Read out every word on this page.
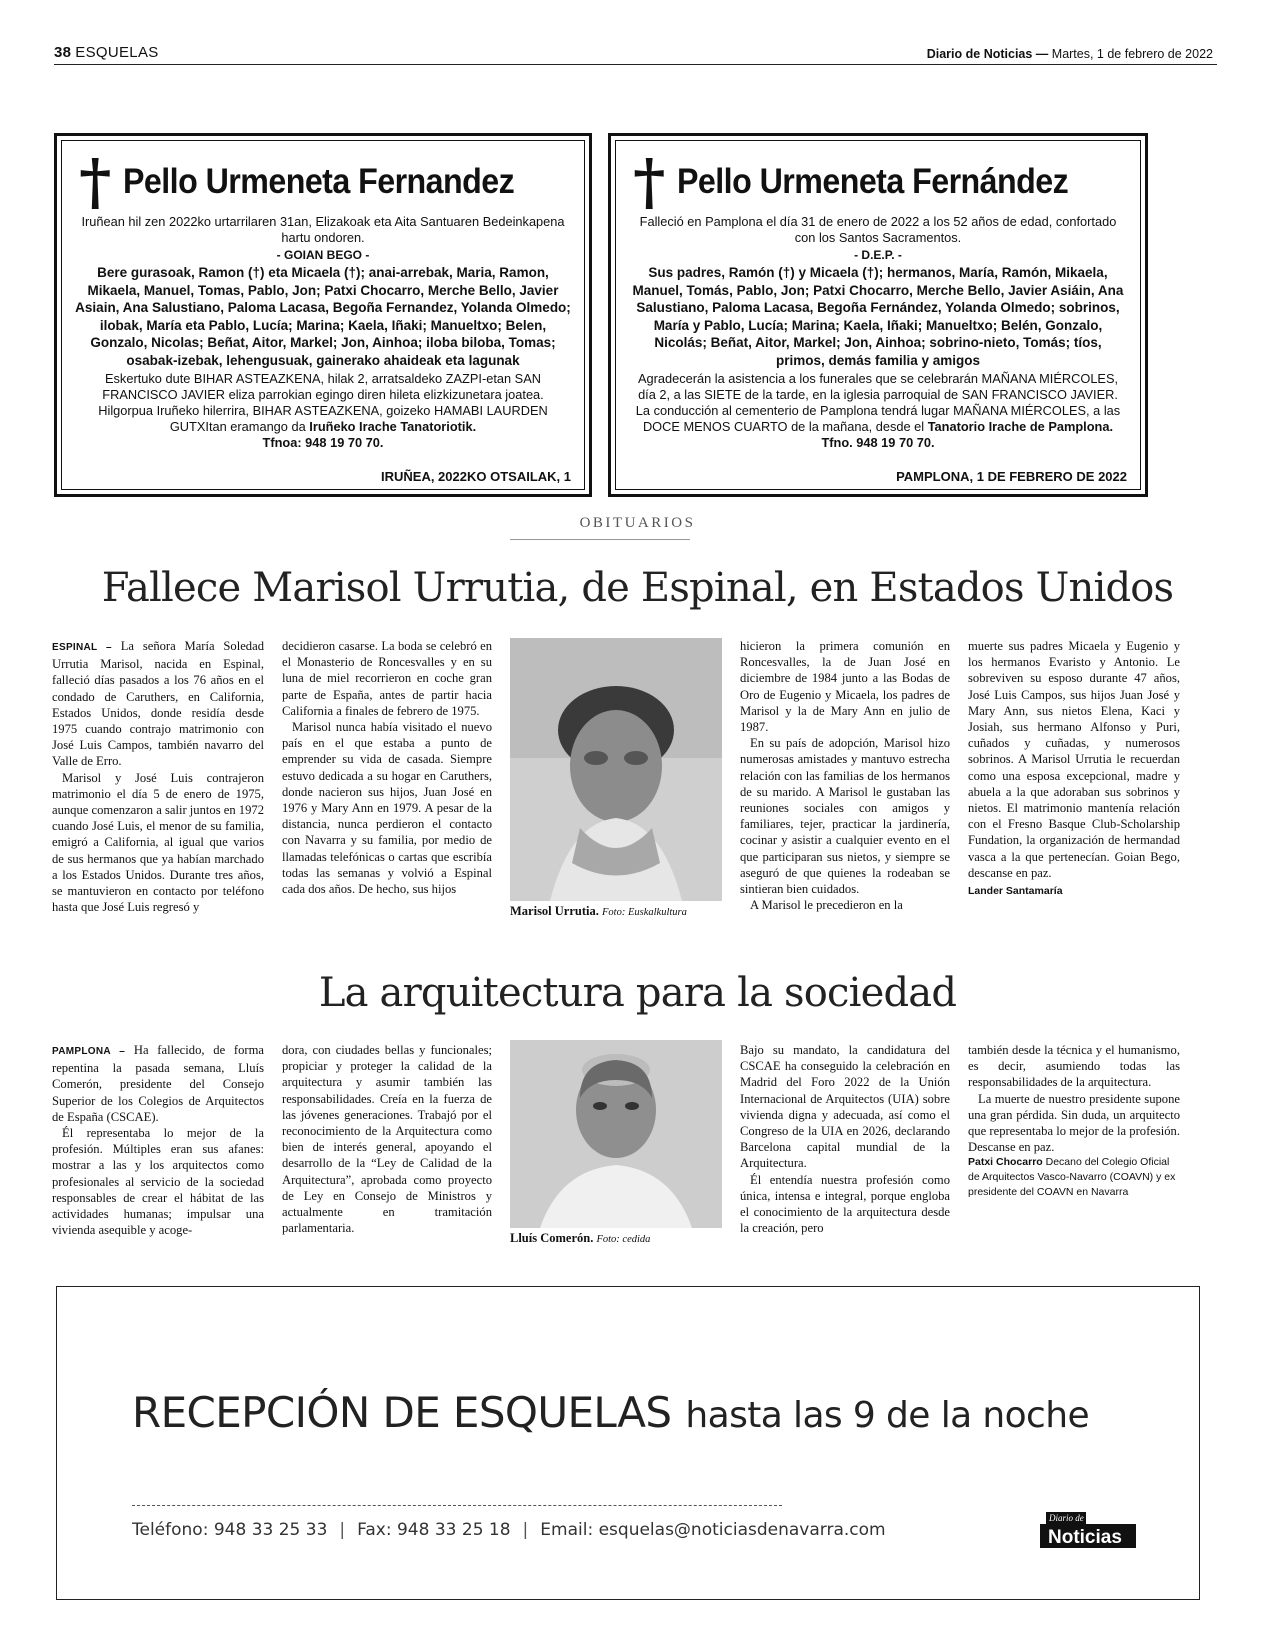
38 ESQUELAS	Diario de Noticias — Martes, 1 de febrero de 2022
† Pello Urmeneta Fernandez

Iruñean hil zen 2022ko urtarrilaren 31an, Elizakoak eta Aita Santuaren Bedeinkapena hartu ondoren.

- GOIAN BEGO -

Bere gurasoak, Ramon (†) eta Micaela (†); anai-arrebak, Maria, Ramon, Mikaela, Manuel, Tomas, Pablo, Jon; Patxi Chocarro, Merche Bello, Javier Asiain, Ana Salustiano, Paloma Lacasa, Begoña Fernandez, Yolanda Olmedo; ilobak, María eta Pablo, Lucía; Marina; Kaela, Iñaki; Manueltxo; Belen, Gonzalo, Nicolas; Beñat, Aitor, Markel; Jon, Ainhoa; iloba biloba, Tomas; osabak-izebak, lehengusuak, gainerako ahaideak eta lagunak

Eskertuko dute BIHAR ASTEAZKENA, hilak 2, arratsaldeko ZAZPI-etan SAN FRANCISCO JAVIER eliza parrokian egingo diren hileta elizkizunetara joatea.

Hilgorpua Iruñeko hilerrira, BIHAR ASTEAZKENA, goizeko HAMABI LAURDEN GUTXItan eramango da Iruñeko Irache Tanatoriotik.

Tfnoa: 948 19 70 70.

IRUÑEA, 2022KO OTSAILAK, 1
† Pello Urmeneta Fernández

Falleció en Pamplona el día 31 de enero de 2022 a los 52 años de edad, confortado con los Santos Sacramentos.

- D.E.P. -

Sus padres, Ramón (†) y Micaela (†); hermanos, María, Ramón, Mikaela, Manuel, Tomás, Pablo, Jon; Patxi Chocarro, Merche Bello, Javier Asiáin, Ana Salustiano, Paloma Lacasa, Begoña Fernández, Yolanda Olmedo; sobrinos, María y Pablo, Lucía; Marina; Kaela, Iñaki; Manueltxo; Belén, Gonzalo, Nicolás; Beñat, Aitor, Markel; Jon, Ainhoa; sobrino-nieto, Tomás; tíos, primos, demás familia y amigos

Agradecerán la asistencia a los funerales que se celebrarán MAÑANA MIÉRCOLES, día 2, a las SIETE de la tarde, en la iglesia parroquial de SAN FRANCISCO JAVIER.

La conducción al cementerio de Pamplona tendrá lugar MAÑANA MIÉRCOLES, a las DOCE MENOS CUARTO de la mañana, desde el Tanatorio Irache de Pamplona.

Tfno. 948 19 70 70.

PAMPLONA, 1 DE FEBRERO DE 2022
OBITUARIOS
Fallece Marisol Urrutia, de Espinal, en Estados Unidos

ESPINAL – La señora María Soledad Urrutia Marisol, nacida en Espinal, falleció días pasados a los 76 años en el condado de Caruthers, en California, Estados Unidos, donde residía desde 1975 cuando contrajo matrimonio con José Luis Campos, también navarro del Valle de Erro.

Marisol y José Luis contrajeron matrimonio el día 5 de enero de 1975, aunque comenzaron a salir juntos en 1972 cuando José Luis, el menor de su familia, emigró a California, al igual que varios de sus hermanos que ya habían marchado a los Estados Unidos. Durante tres años, se mantuvieron en contacto por teléfono hasta que José Luis regresó y

decidieron casarse. La boda se celebró en el Monasterio de Roncesvalles y en su luna de miel recorrieron en coche gran parte de España, antes de partir hacia California a finales de febrero de 1975.

Marisol nunca había visitado el nuevo país en el que estaba a punto de emprender su vida de casada. Siempre estuvo dedicada a su hogar en Caruthers, donde nacieron sus hijos, Juan José en 1976 y Mary Ann en 1979. A pesar de la distancia, nunca perdieron el contacto con Navarra y su familia, por medio de llamadas telefónicas o cartas que escribía todas las semanas y volvió a Espinal cada dos años. De hecho, sus hijos

Marisol Urrutia. Foto: Euskalkultura

hicieron la primera comunión en Roncesvalles, la de Juan José en diciembre de 1984 junto a las Bodas de Oro de Eugenio y Micaela, los padres de Marisol y la de Mary Ann en julio de 1987.

En su país de adopción, Marisol hizo numerosas amistades y mantuvo estrecha relación con las familias de los hermanos de su marido. A Marisol le gustaban las reuniones sociales con amigos y familiares, tejer, practicar la jardinería, cocinar y asistir a cualquier evento en el que participaran sus nietos, y siempre se aseguró de que quienes la rodeaban se sintieran bien cuidados.

A Marisol le precedieron en la

muerte sus padres Micaela y Eugenio y los hermanos Evaristo y Antonio. Le sobreviven su esposo durante 47 años, José Luis Campos, sus hijos Juan José y Mary Ann, sus nietos Elena, Kaci y Josiah, sus hermano Alfonso y Puri, cuñados y cuñadas, y numerosos sobrinos. A Marisol Urrutia le recuerdan como una esposa excepcional, madre y abuela a la que adoraban sus sobrinos y nietos. El matrimonio mantenía relación con el Fresno Basque Club-Scholarship Fundation, la organización de hermandad vasca a la que pertenecían. Goian Bego, descanse en paz.

Lander Santamaría
La arquitectura para la sociedad

PAMPLONA – Ha fallecido, de forma repentina la pasada semana, Lluís Comerón, presidente del Consejo Superior de los Colegios de Arquitectos de España (CSCAE).

Él representaba lo mejor de la profesión. Múltiples eran sus afanes: mostrar a las y los arquitectos como profesionales al servicio de la sociedad responsables de crear el hábitat de las actividades humanas; impulsar una vivienda asequible y acoge-

dora, con ciudades bellas y funcionales; propiciar y proteger la calidad de la arquitectura y asumir también las responsabilidades. Creía en la fuerza de las jóvenes generaciones. Trabajó por el reconocimiento de la Arquitectura como bien de interés general, apoyando el desarrollo de la “Ley de Calidad de la Arquitectura”, aprobada como proyecto de Ley en Consejo de Ministros y actualmente en tramitación parlamentaria.

Lluís Comerón. Foto: cedida

Bajo su mandato, la candidatura del CSCAE ha conseguido la celebración en Madrid del Foro 2022 de la Unión Internacional de Arquitectos (UIA) sobre vivienda digna y adecuada, así como el Congreso de la UIA en 2026, declarando Barcelona capital mundial de la Arquitectura.

Él entendía nuestra profesión como única, intensa e integral, porque engloba el conocimiento de la arquitectura desde la creación, pero

también desde la técnica y el humanismo, es decir, asumiendo todas las responsabilidades de la arquitectura.

La muerte de nuestro presidente supone una gran pérdida. Sin duda, un arquitecto que representaba lo mejor de la profesión. Descanse en paz.

Patxi Chocarro Decano del Colegio Oficial de Arquitectos Vasco-Navarro (COAVN) y ex presidente del COAVN en Navarra
RECEPCIÓN DE ESQUELAS hasta las 9 de la noche
Teléfono: 948 33 25 33 | Fax: 948 33 25 18 | Email: esquelas@noticiasdenavarra.com
Diario de
Noticias
